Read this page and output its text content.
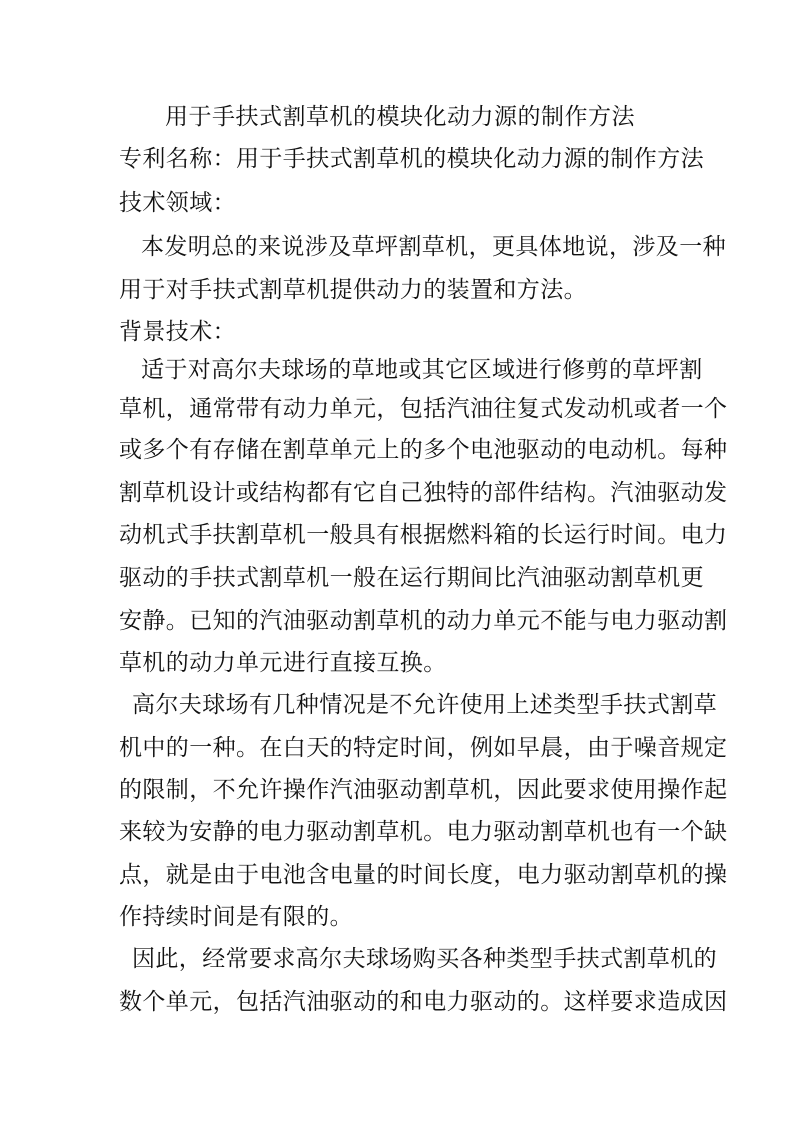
用于手扶式割草机的模块化动力源的制作方法
专利名称：用于手扶式割草机的模块化动力源的制作方法
技术领域：
本发明总的来说涉及草坪割草机，更具体地说，涉及一种
用于对手扶式割草机提供动力的装置和方法。
背景技术：
适于对高尔夫球场的草地或其它区域进行修剪的草坪割
草机，通常带有动力单元，包括汽油往复式发动机或者一个
或多个有存储在割草单元上的多个电池驱动的电动机。每种
割草机设计或结构都有它自己独特的部件结构。汽油驱动发
动机式手扶割草机一般具有根据燃料箱的长运行时间。电力
驱动的手扶式割草机一般在运行期间比汽油驱动割草机更
安静。已知的汽油驱动割草机的动力单元不能与电力驱动割
草机的动力单元进行直接互换。
高尔夫球场有几种情况是不允许使用上述类型手扶式割草
机中的一种。在白天的特定时间，例如早晨，由于噪音规定
的限制，不允许操作汽油驱动割草机，因此要求使用操作起
来较为安静的电力驱动割草机。电力驱动割草机也有一个缺
点，就是由于电池含电量的时间长度，电力驱动割草机的操
作持续时间是有限的。
因此，经常要求高尔夫球场购买各种类型手扶式割草机的
数个单元，包括汽油驱动的和电力驱动的。这样要求造成因
